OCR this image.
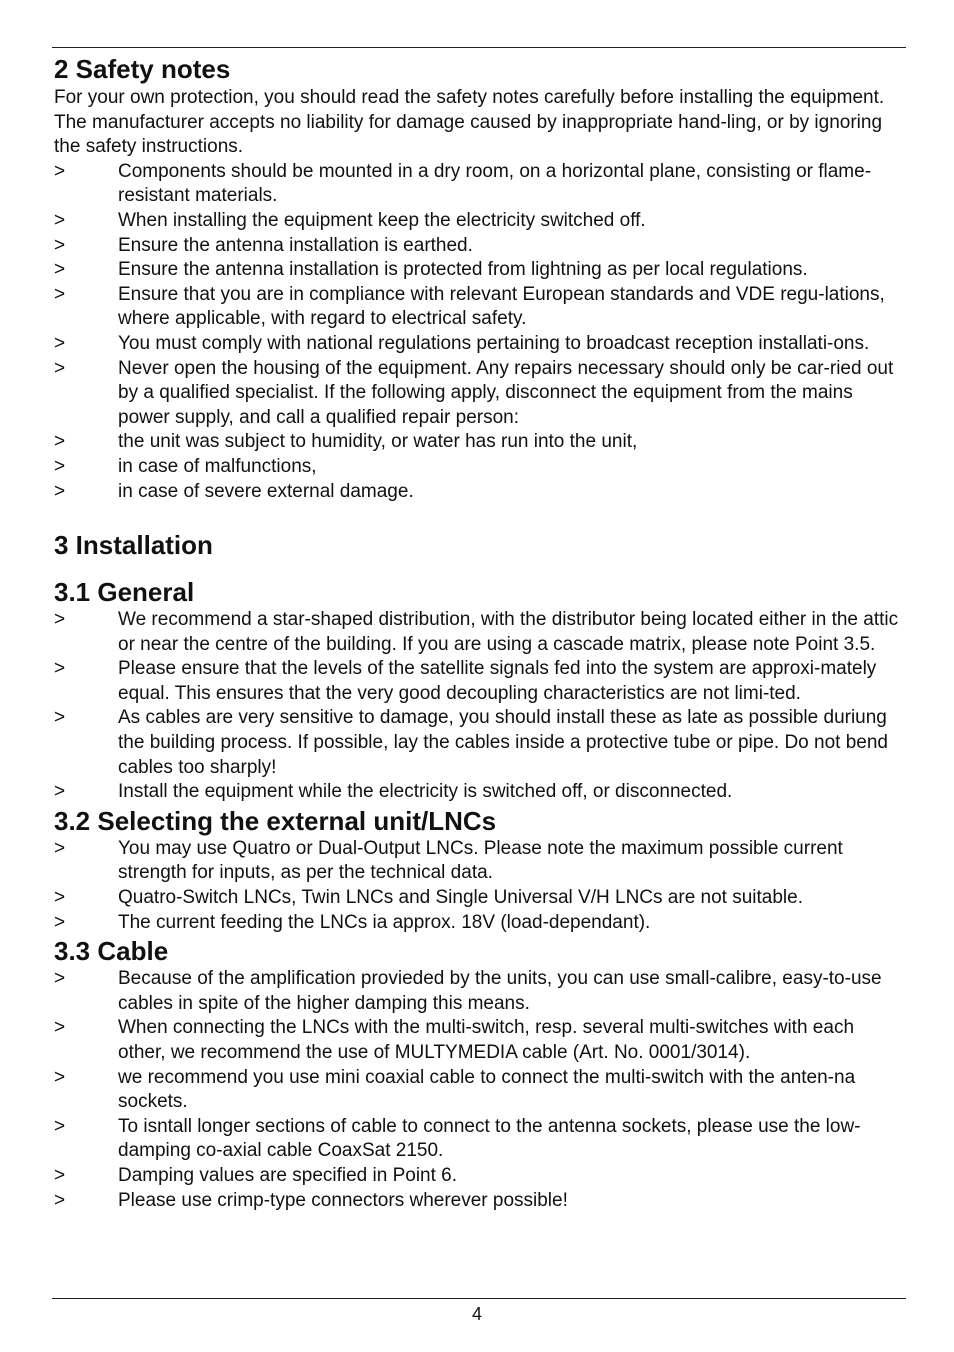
2 Safety notes

For your own protection, you should read the safety notes carefully before installing the equipment. The manufacturer accepts no liability for damage caused by inappropriate hand-ling, or by ignoring the safety instructions.

>	Components should be mounted in a dry room, on a horizontal plane, consisting or flame-resistant materials.
>	When installing the equipment keep the electricity switched off.
>	Ensure the antenna installation is earthed.
>	Ensure the antenna installation is protected from lightning as per local regulations.
>	Ensure that you are in compliance with relevant European standards and VDE regu-lations, where applicable, with regard to electrical safety.
>	You must comply with national regulations pertaining to broadcast reception installati-ons.
>	Never open the housing of the equipment. Any repairs necessary should only be car-ried out by a qualified specialist. If the following apply, disconnect the equipment from the mains power supply, and call a qualified repair person:
>	the unit was subject to humidity, or water has run into the unit,
>	in case of malfunctions,
>	in case of severe external damage.
3 Installation
3.1 General
>	We recommend a star-shaped distribution, with the distributor being located either in the attic or near the centre of the building. If you are using a cascade matrix, please note Point 3.5.
>	Please ensure that the levels of the satellite signals fed into the system are approxi-mately equal. This ensures that the very good decoupling characteristics are not limi-ted.
>	As cables are very sensitive to damage, you should install these as late as possible duriung the building process. If possible, lay the cables inside a protective tube or pipe. Do not bend cables too sharply!
>	Install the equipment while the electricity is switched off, or disconnected.
3.2 Selecting the external unit/LNCs
>	You may use Quatro or Dual-Output LNCs. Please note the maximum possible current strength for inputs, as per the technical data.
>	Quatro-Switch LNCs, Twin LNCs and Single Universal V/H LNCs are not suitable.
>	The current feeding the LNCs ia approx. 18V (load-dependant).
3.3 Cable
>	Because of the amplification provieded by the units, you can use small-calibre, easy-to-use cables in spite of the higher damping this means.
>	When connecting the LNCs with the multi-switch, resp. several multi-switches with each other, we recommend the use of MULTYMEDIA cable (Art. No. 0001/3014).
>	we recommend you use mini coaxial cable to connect the multi-switch with the anten-na sockets.
>	To isntall longer sections of cable to connect to the antenna sockets, please use the low-damping co-axial cable CoaxSat 2150.
>	Damping values are specified in Point 6.
>	Please use crimp-type connectors wherever possible!
4
